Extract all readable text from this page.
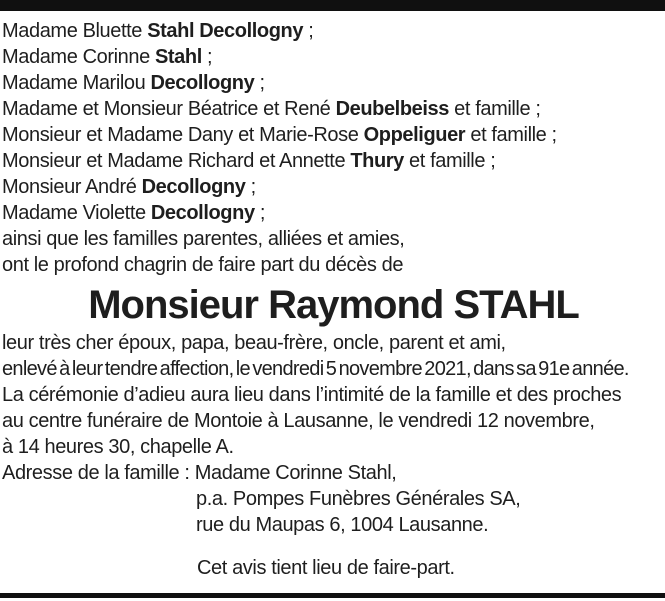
Madame Bluette Stahl Decollogny ;
Madame Corinne Stahl ;
Madame Marilou Decollogny ;
Madame et Monsieur Béatrice et René Deubelbeiss et famille ;
Monsieur et Madame Dany et Marie-Rose Oppeliguer et famille ;
Monsieur et Madame Richard et Annette Thury et famille ;
Monsieur André Decollogny ;
Madame Violette Decollogny ;
ainsi que les familles parentes, alliées et amies,
ont le profond chagrin de faire part du décès de
Monsieur Raymond STAHL
leur très cher époux, papa, beau-frère, oncle, parent et ami,
enlevé à leur tendre affection, le vendredi 5 novembre 2021, dans sa 91e année.
La cérémonie d’adieu aura lieu dans l’intimité de la famille et des proches
au centre funéraire de Montoie à Lausanne, le vendredi 12 novembre,
à 14 heures 30, chapelle A.
Adresse de la famille : Madame Corinne Stahl,
p.a. Pompes Funèbres Générales SA,
rue du Maupas 6, 1004 Lausanne.
Cet avis tient lieu de faire-part.
